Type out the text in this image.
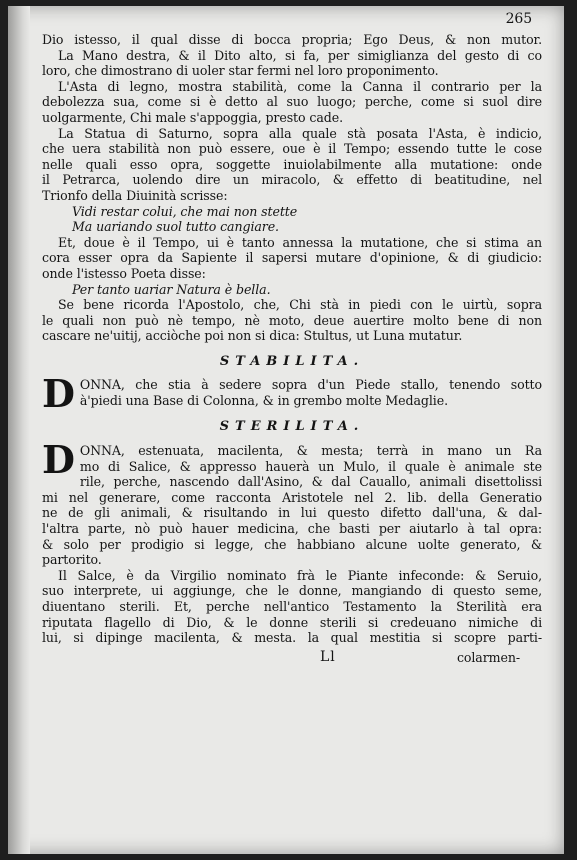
265
Dio istesso, il qual disse di bocca propria; Ego Deus, & non mutor.
La Mano destra, & il Dito alto, si fa, per simiglianza del gesto di co
loro, che dimostrano di uoler star fermi nel loro proponimento.
L'Asta di legno, mostra stabilità, come la Canna il contrario per la
debolezza sua, come si è detto al suo luogo; perche, come si suol dire
uolgarmente, Chi male s'appoggia, presto cade.
La Statua di Saturno, sopra alla quale stà posata l'Asta, è indicio,
che uera stabilità non può essere, oue è il Tempo; essendo tutte le cose
nelle quali esso opra, soggette inuiolabilmente alla mutatione: onde
il Petrarca, uolendo dire un miracolo, & effetto di beatitudine, nel
Trionfo della Diuinità scrisse:
Vidi restar colui, che mai non stette
Ma uariando suol tutto cangiare.
Et, doue è il Tempo, ui è tanto annessa la mutatione, che si stima an
cora esser opra da Sapiente il sapersi mutare d'opinione, & di giudicio:
onde l'istesso Poeta disse:
Per tanto uariar Natura è bella.
Se bene ricorda l'Apostolo, che, Chi stà in piedi con le uirtù, sopra
le quali non può nè tempo, nè moto, deue auertire molto bene di non
cascare ne'uitij, acciòche poi non si dica: Stultus, ut Luna mutatur.
STABILITA.
D ONNA, che stia à sedere sopra d'un Piede stallo, tenendo sotto
à'piedi una Base di Colonna, & in grembo molte Medaglie.
STERILITA.
D ONNA, estenuata, macilenta, & mesta; terrà in mano un Ra
mo di Salice, & appresso hauerà un Mulo, il quale è animale ste
rile, perche, nascendo dall'Asino, & dal Cauallo, animali disettolissi
mi nel generare, come racconta Aristotele nel 2. lib. della Generatio
ne de gli animali, & risultando in lui questo difetto dall'una, & dal-
l'altra parte, nò può hauer medicina, che basti per aiutarlo à tal opra:
& solo per prodigio si legge, che habbiano alcune uolte generato, &
partorito.
Il Salce, è da Virgilio nominato frà le Piante infeconde: & Seruio,
suo interprete, ui aggiunge, che le donne, mangiando di questo seme,
diuentano sterili. Et, perche nell'antico Testamento la Sterilità era
riputata flagello di Dio, & le donne sterili si credeuano nimiche di
lui, si dipinge macilenta, & mesta. la qual mestitia si scopre parti-
Ll	colarmen-
